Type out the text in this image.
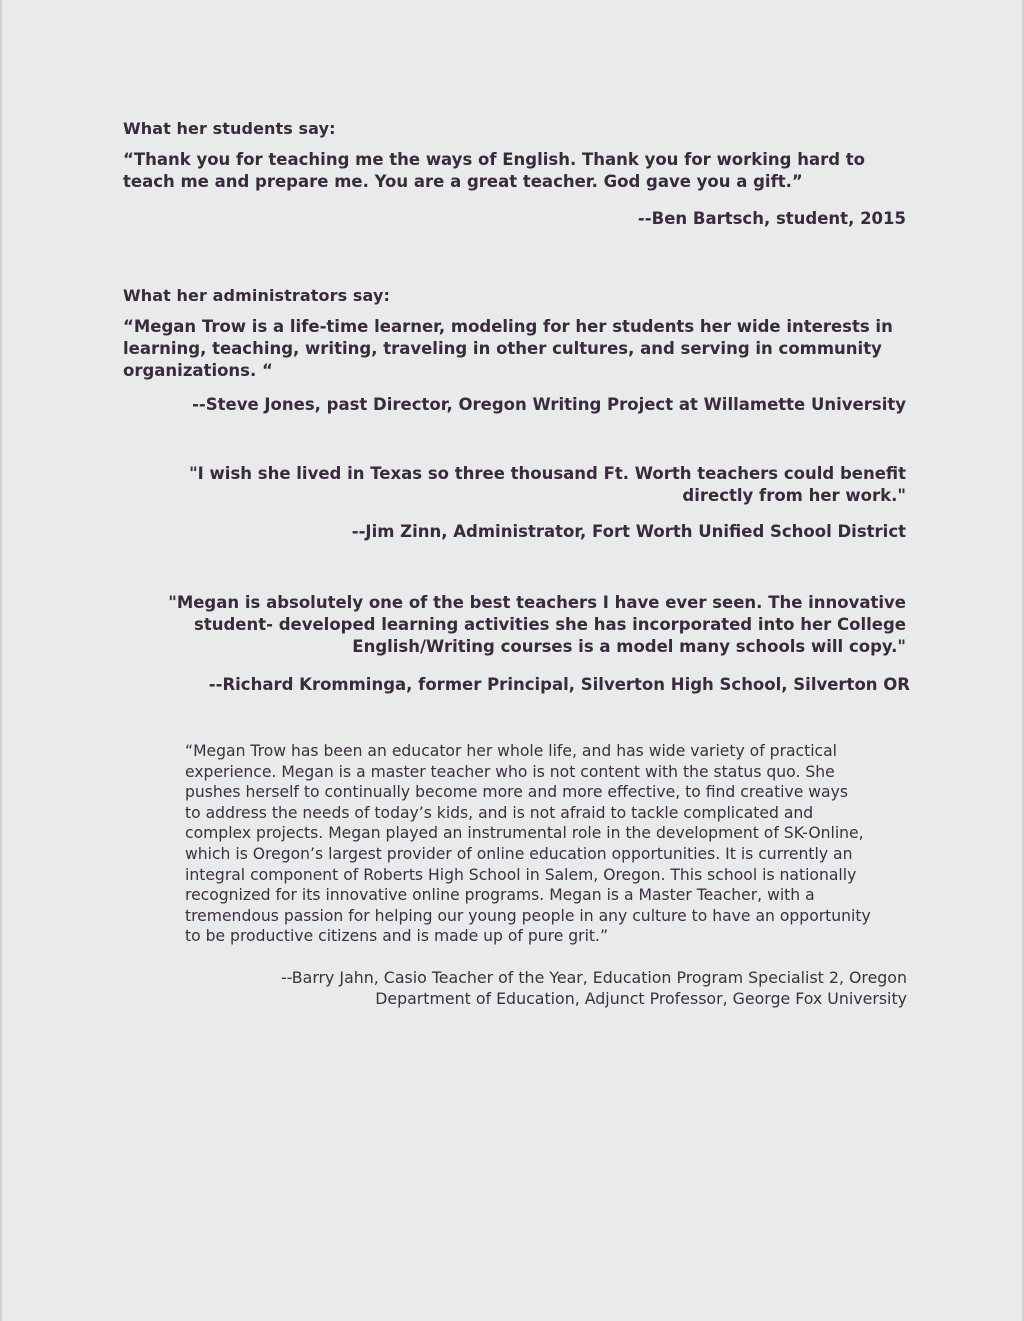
What her students say:
“Thank you for teaching me the ways of English. Thank you for working hard to
teach me and prepare me. You are a great teacher. God gave you a gift.”
--Ben Bartsch, student, 2015
What her administrators say:
“Megan Trow is a life-time learner, modeling for her students her wide interests in
learning, teaching, writing, traveling in other cultures, and serving in community
organizations. “
--Steve Jones, past Director, Oregon Writing Project at Willamette University
"I wish she lived in Texas so three thousand Ft. Worth teachers could benefit
directly from her work."
--Jim Zinn, Administrator, Fort Worth Unified School District
"Megan is absolutely one of the best teachers I have ever seen. The innovative
student- developed learning activities she has incorporated into her College
English/Writing courses is a model many schools will copy."
--Richard Kromminga, former Principal, Silverton High School, Silverton OR
“Megan Trow has been an educator her whole life, and has wide variety of practical
experience. Megan is a master teacher who is not content with the status quo. She
pushes herself to continually become more and more effective, to find creative ways
to address the needs of today’s kids, and is not afraid to tackle complicated and
complex projects. Megan played an instrumental role in the development of SK-Online,
which is Oregon’s largest provider of online education opportunities. It is currently an
integral component of Roberts High School in Salem, Oregon. This school is nationally
recognized for its innovative online programs. Megan is a Master Teacher, with a
tremendous passion for helping our young people in any culture to have an opportunity
to be productive citizens and is made up of pure grit.”
--Barry Jahn, Casio Teacher of the Year, Education Program Specialist 2, Oregon
Department of Education, Adjunct Professor, George Fox University
